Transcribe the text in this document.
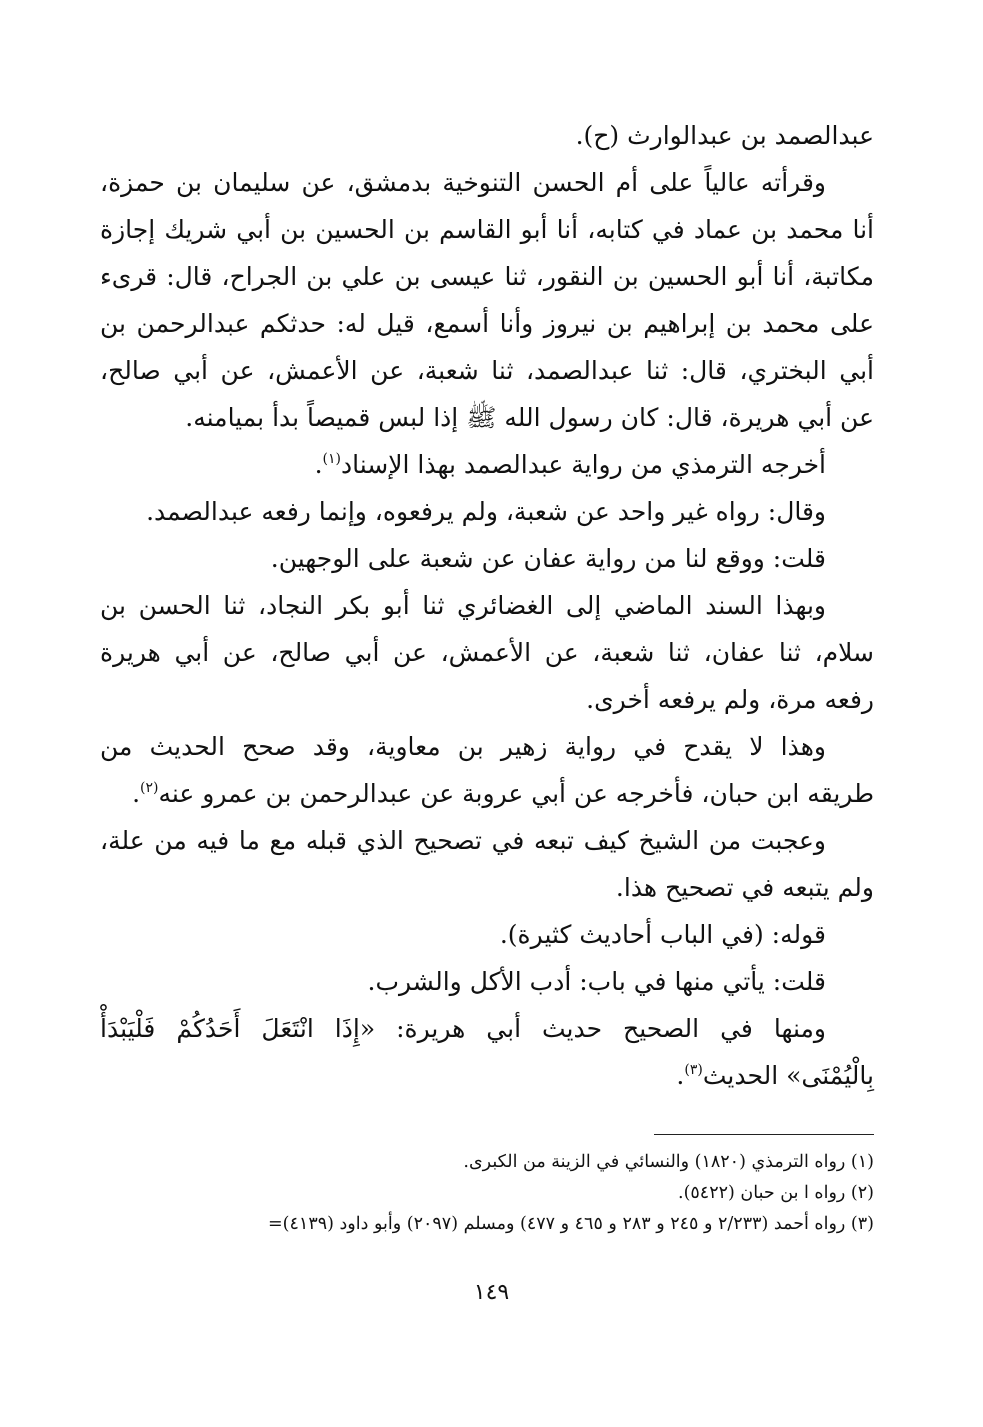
عبدالصمد بن عبدالوارث (ح).

وقرأته عالياً على أم الحسن التنوخية بدمشق، عن سليمان بن حمزة،
أنا محمد بن عماد في كتابه، أنا أبو القاسم بن الحسين بن أبي شريك إجازة
مكاتبة، أنا أبو الحسين بن النقور، ثنا عيسى بن علي بن الجراح، قال: قرىء
على محمد بن إبراهيم بن نيروز وأنا أسمع، قيل له: حدثكم عبدالرحمن بن
أبي البختري، قال: ثنا عبدالصمد، ثنا شعبة، عن الأعمش، عن أبي صالح،
عن أبي هريرة، قال: كان رسول الله ﷺ إذا لبس قميصاً بدأ بميامنه.

أخرجه الترمذي من رواية عبدالصمد بهذا الإسناد$^{(١)}$.

وقال: رواه غير واحد عن شعبة، ولم يرفعوه، وإنما رفعه عبدالصمد.

قلت: ووقع لنا من رواية عفان عن شعبة على الوجهين.

وبهذا السند الماضي إلى الغضائري ثنا أبو بكر النجاد، ثنا الحسن بن
سلام، ثنا عفان، ثنا شعبة، عن الأعمش، عن أبي صالح، عن أبي هريرة
رفعه مرة، ولم يرفعه أخرى.

وهذا لا يقدح في رواية زهير بن معاوية، وقد صحح الحديث من
طريقه ابن حبان، فأخرجه عن أبي عروبة عن عبدالرحمن بن عمرو عنه$^{(٢)}$.

وعجبت من الشيخ كيف تبعه في تصحيح الذي قبله مع ما فيه من علة،
ولم يتبعه في تصحيح هذا.

قوله: (في الباب أحاديث كثيرة).

قلت: يأتي منها في باب: أدب الأكل والشرب.

ومنها في الصحيح حديث أبي هريرة: «إِذَا انْتَعَلَ أَحَدُكُمْ فَلْيَبْدَأْ
بِالْيُمْنَى» الحديث$^{(٣)}$.

(١) رواه الترمذي (١٨٢٠) والنسائي في الزينة من الكبرى.
(٢) رواه ا بن حبان (٥٤٢٢).
(٣) رواه أحمد (٢/٢٣٣ و ٢٤٥ و ٢٨٣ و ٤٦٥ و ٤٧٧) ومسلم (٢٠٩٧) وأبو داود (٤١٣٩)=
١٤٩
